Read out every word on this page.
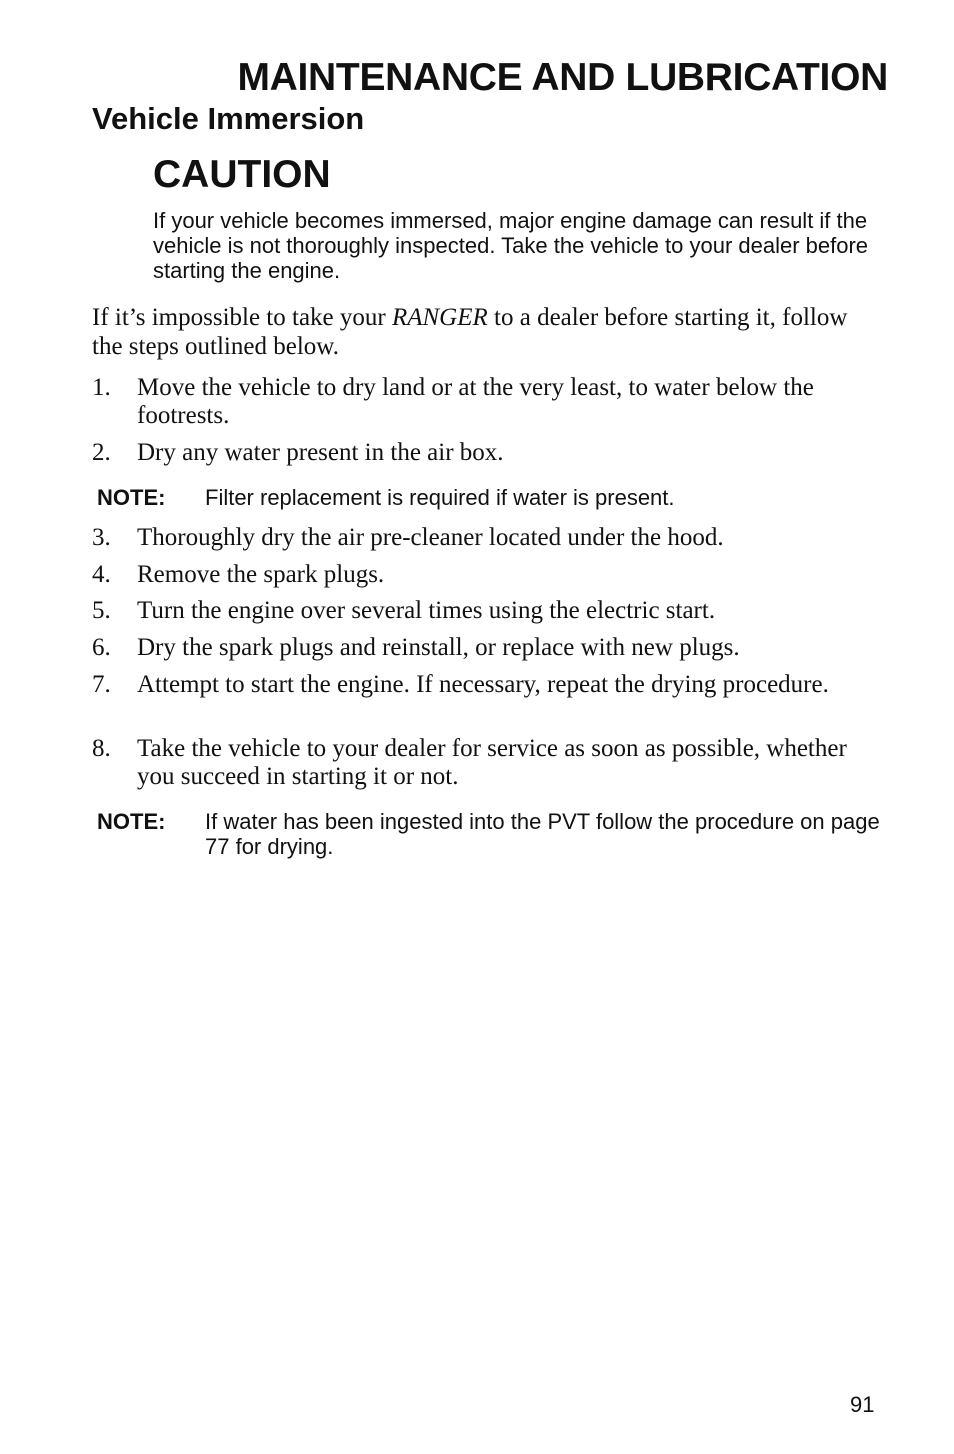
MAINTENANCE AND LUBRICATION
Vehicle Immersion
CAUTION

If your vehicle becomes immersed, major engine damage can result if the vehicle is not thoroughly inspected. Take the vehicle to your dealer before starting the engine.

If it’s impossible to take your RANGER to a dealer before starting it, follow the steps outlined below.

1.	Move the vehicle to dry land or at the very least, to water below the footrests.
2.	Dry any water present in the air box.
NOTE: Filter replacement is required if water is present.
3.	Thoroughly dry the air pre-cleaner located under the hood.
4.	Remove the spark plugs.
5.	Turn the engine over several times using the electric start.
6.	Dry the spark plugs and reinstall, or replace with new plugs.
7.	Attempt to start the engine. If necessary, repeat the drying procedure.
8.	Take the vehicle to your dealer for service as soon as possible, whether you succeed in starting it or not.
NOTE: If water has been ingested into the PVT follow the procedure on page 77 for drying.
91
